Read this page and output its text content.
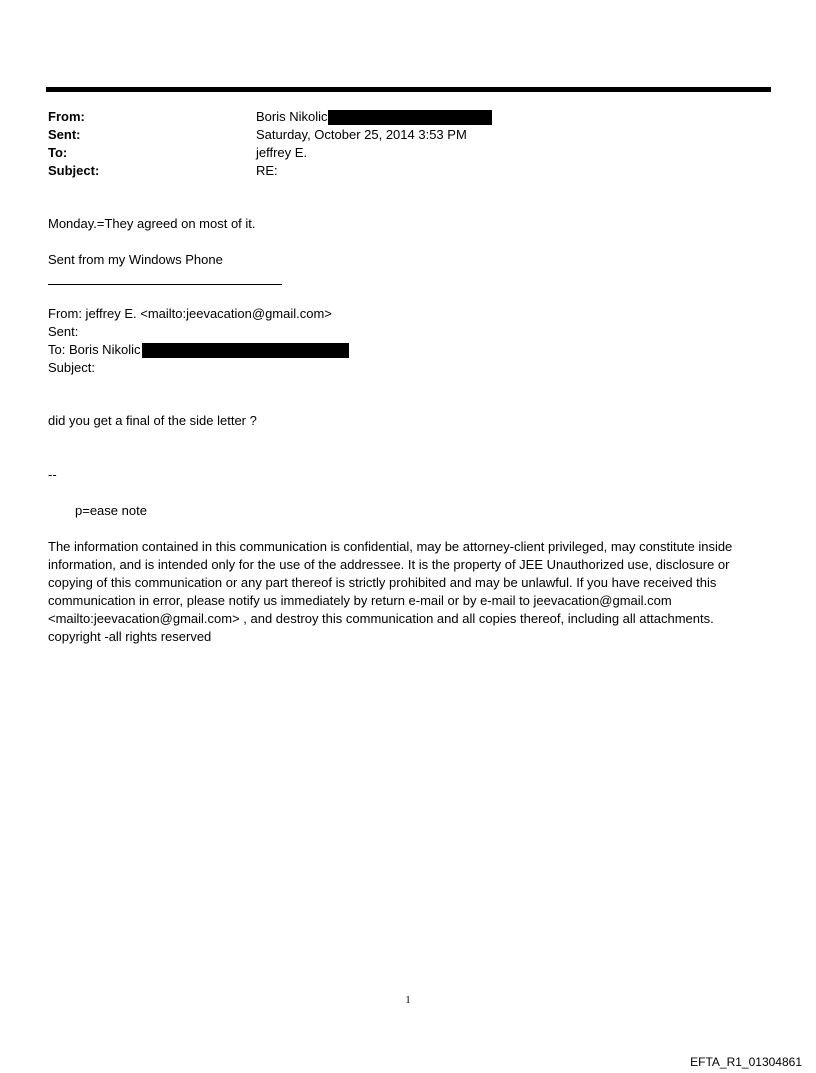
From:	Boris Nikolic
Sent:	Saturday, October 25, 2014 3:53 PM
To:	jeffrey E.
Subject:	RE:
Monday.=They agreed on most of it.
Sent from my Windows Phone
From: jeffrey E. <mailto:jeevacation@gmail.com>
Sent:
To: Boris Nikolic
Subject:
did you get a final of the side letter ?
--
p=ease note
The information contained in this communication is confidential, may be attorney-client privileged, may constitute inside information, and is intended only for the use of the addressee. It is the property of JEE Unauthorized use, disclosure or copying of this communication or any part thereof is strictly prohibited and may be unlawful. If you have received this communication in error, please notify us immediately by return e-mail or by e-mail to jeevacation@gmail.com <mailto:jeevacation@gmail.com> , and destroy this communication and all copies thereof, including all attachments. copyright -all rights reserved
1
EFTA_R1_01304861
